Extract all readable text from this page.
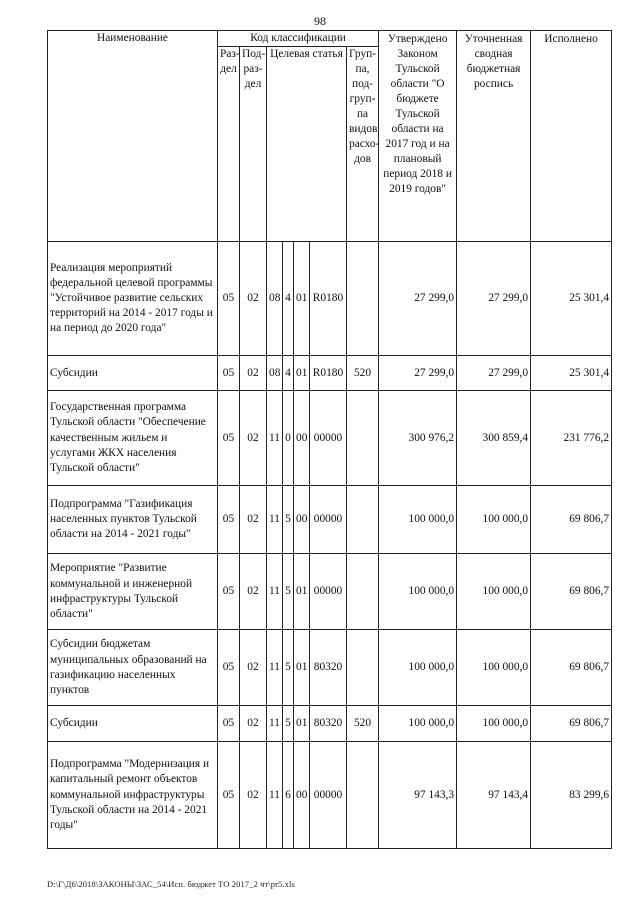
98
Наименование	Код классификации							Утверждено Законом Тульской области "О бюджете Тульской области на 2017 год и на плановый период 2018 и 2019 годов"	Уточненная сводная бюджетная роспись	Исполнено
	Раз-дел	Под-раз-дел	Целевая статья				Груп-па, под-груп-па видов расхо-дов			
Реализация мероприятий федеральной целевой программы "Устойчивое развитие сельских территорий на 2014 - 2017 годы и на период до 2020 года"	05	02	08	4	01	R0180		27 299,0	27 299,0	25 301,4
Субсидии	05	02	08	4	01	R0180	520	27 299,0	27 299,0	25 301,4
Государственная программа Тульской области "Обеспечение качественным жильем и услугами ЖКХ населения Тульской области"	05	02	11	0	00	00000		300 976,2	300 859,4	231 776,2
Подпрограмма "Газификация населенных пунктов Тульской области на 2014 - 2021 годы"	05	02	11	5	00	00000		100 000,0	100 000,0	69 806,7
Мероприятие "Развитие коммунальной и инженерной инфраструктуры Тульской области"	05	02	11	5	01	00000		100 000,0	100 000,0	69 806,7
Субсидии бюджетам муниципальных образований на газификацию населенных пунктов	05	02	11	5	01	80320		100 000,0	100 000,0	69 806,7
Субсидии	05	02	11	5	01	80320	520	100 000,0	100 000,0	69 806,7
Подпрограмма "Модернизация и капитальный ремонт объектов коммунальной инфраструктуры Тульской области на 2014 - 2021 годы"	05	02	11	6	00	00000		97 143,3	97 143,4	83 299,6
D:\Г\Д6\2018\ЗАКОНЫ\ЗАС_54\Исп. бюджет ТО 2017_2 чт\pr5.xls
